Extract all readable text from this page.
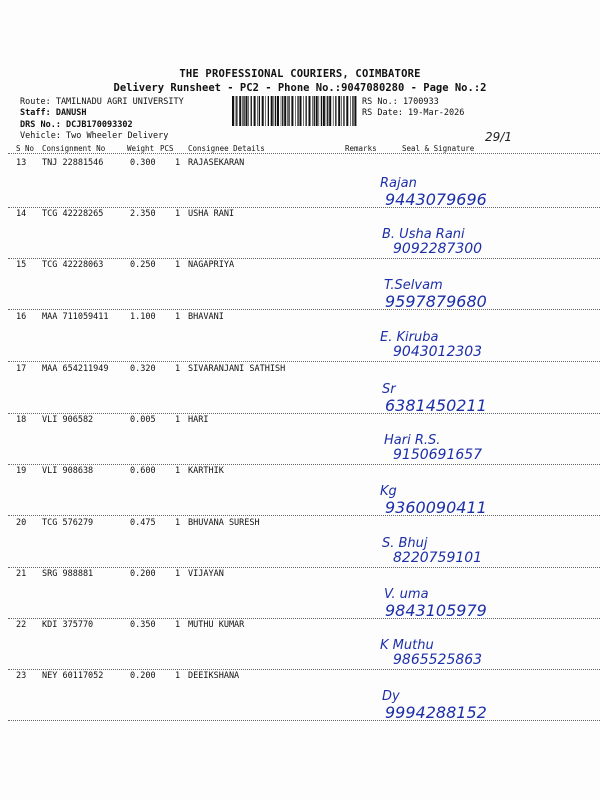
THE PROFESSIONAL COURIERS, COIMBATORE
Delivery Runsheet - PC2 - Phone No.:9047080280 - Page No.:2
Route: TAMILNADU AGRI UNIVERSITY
Staff: DANUSH
DRS No.: DCJB170093302
Vehicle: Two Wheeler Delivery
RS No.: 1700933
RS Date: 19-Mar-2026
29/1
S No Consignment No	Weight PCS Consignee Details	Remarks	Seal & Signature
13 TNJ 22881546	0.300 1 RAJASEKARAN
Rajan
9443079696
14 TCG 42228265	2.350 1 USHA RANI
B. Usha Rani
9092287300
15 TCG 42228063	0.250 1 NAGAPRIYA
T.Selvam
9597879680
16 MAA 711059411	1.100 1 BHAVANI
E. Kiruba
9043012303
17 MAA 654211949	0.320 1 SIVARANJANI SATHISH
Sr
6381450211
18 VLI 906582	0.005 1 HARI
Hari R.S.
9150691657
19 VLI 908638	0.600 1 KARTHIK
Kg
9360090411
20 TCG 576279	0.475 1 BHUVANA SURESH
S. Bhuj
8220759101
21 SRG 988881	0.200 1 VIJAYAN
V. uma
9843105979
22 KDI 375770	0.350 1 MUTHU KUMAR
K Muthu
9865525863
23 NEY 60117052	0.200 1 DEEIKSHANA
Dy
9994288152
